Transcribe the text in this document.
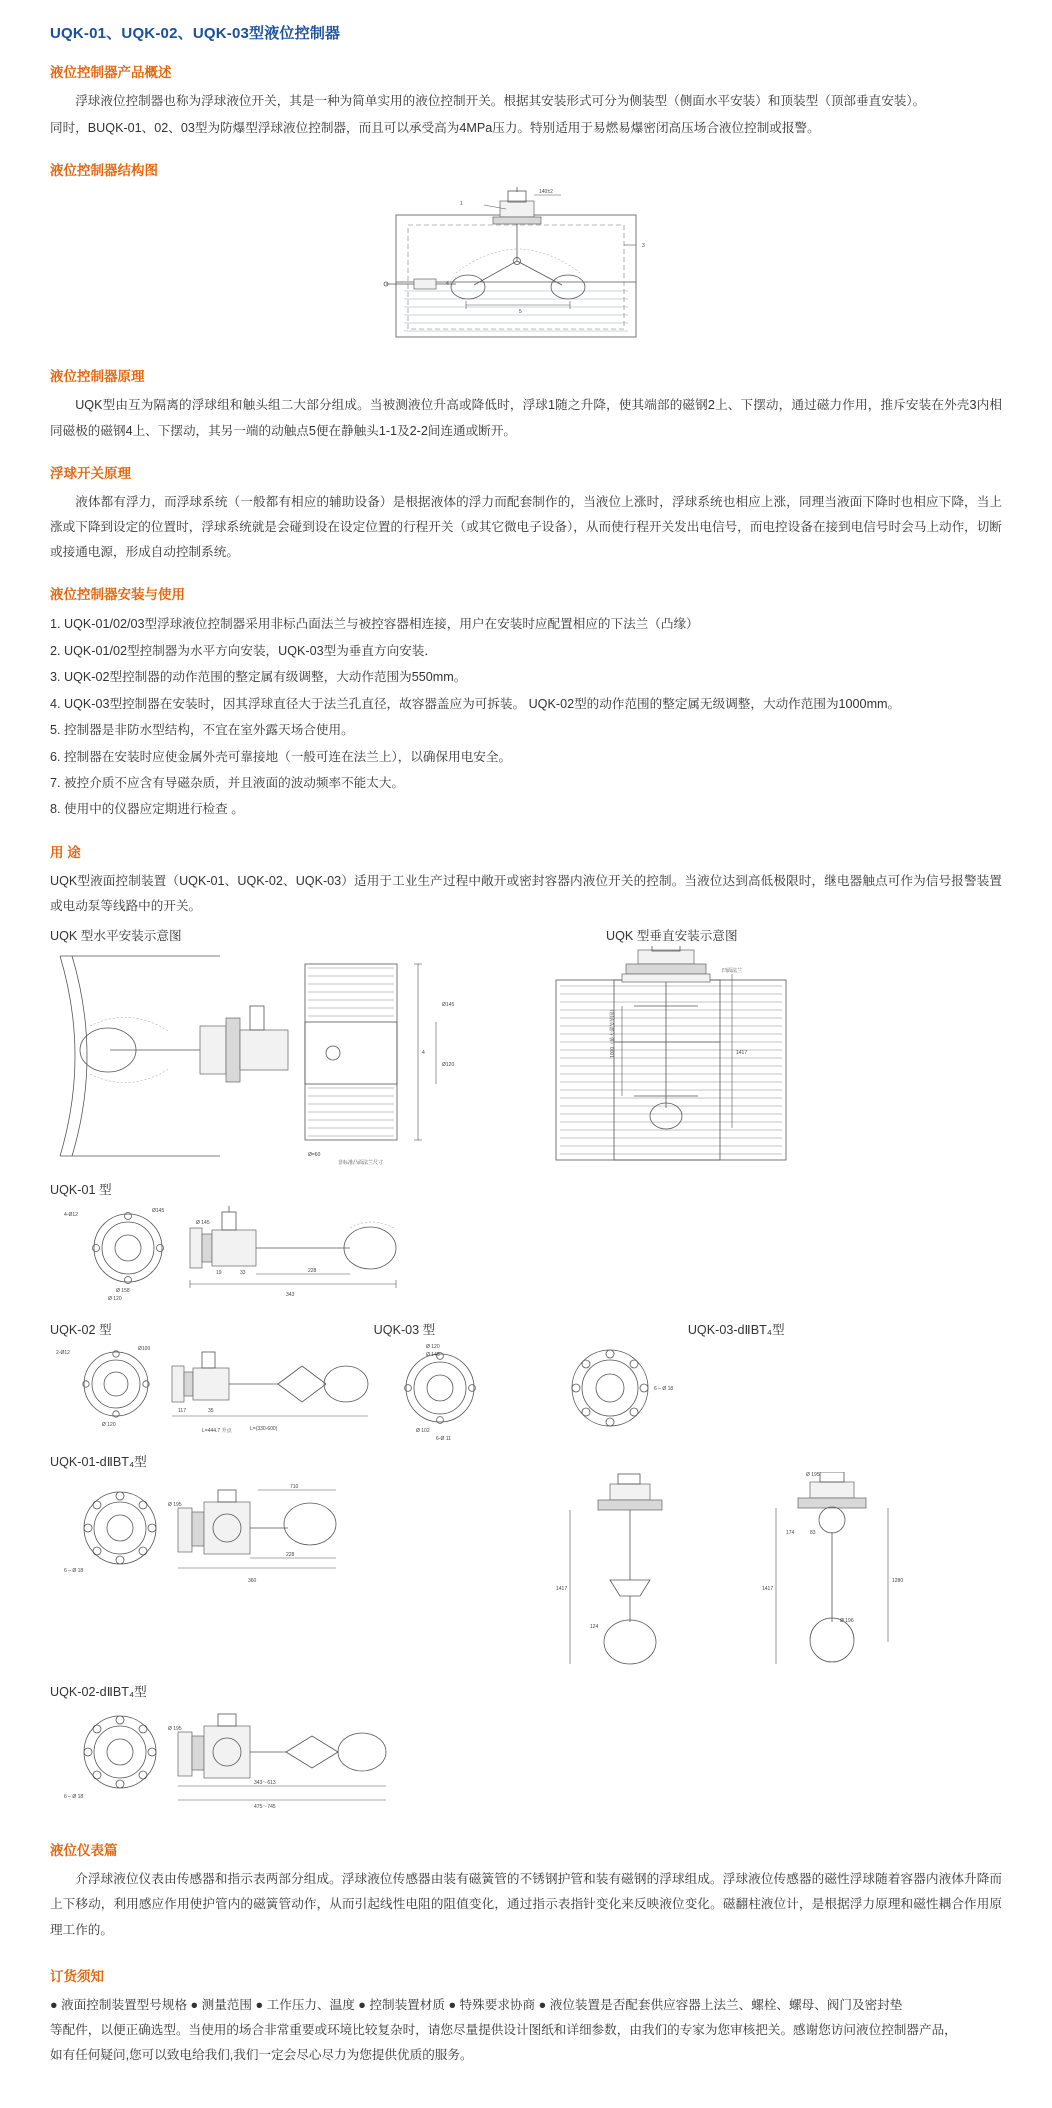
UQK-01、UQK-02、UQK-03型液位控制器
液位控制器产品概述

浮球液位控制器也称为浮球液位开关，其是一种为简单实用的液位控制开关。根据其安装形式可分为侧装型（侧面水平安装）和顶装型（顶部垂直安装）。

同时，BUQK-01、02、03型为防爆型浮球液位控制器，而且可以承受高为4MPa压力。特别适用于易燃易爆密闭高压场合液位控制或报警。

液位控制器结构图
140±2
1
4
3
5
液位控制器原理

UQK型由互为隔离的浮球组和触头组二大部分组成。当被测液位升高或降低时，浮球1随之升降，使其端部的磁钢2上、下摆动，通过磁力作用，推斥安装在外壳3内相同磁极的磁钢4上、下摆动，其另一端的动触点5便在静触头1-1及2-2间连通或断开。

浮球开关原理

液体都有浮力，而浮球系统（一般都有相应的辅助设备）是根据液体的浮力而配套制作的，当液位上涨时，浮球系统也相应上涨，同理当液面下降时也相应下降，当上涨或下降到设定的位置时，浮球系统就是会碰到设在设定位置的行程开关（或其它微电子设备），从而使行程开关发出电信号，而电控设备在接到电信号时会马上动作，切断或接通电源，形成自动控制系统。

液位控制器安装与使用
1. UQK-01/02/03型浮球液位控制器采用非标凸面法兰与被控容器相连接，用户在安装时应配置相应的下法兰（凸缘）
2. UQK-01/02型控制器为水平方向安装，UQK-03型为垂直方向安装．
3. UQK-02型控制器的动作范围的整定属有级调整，大动作范围为550mm。
4. UQK-03型控制器在安装时，因其浮球直径大于法兰孔直径，故容器盖应为可拆装。 UQK-02型的动作范围的整定属无级调整，大动作范围为1000mm。
5. 控制器是非防水型结构，不宜在室外露天场合使用。
6. 控制器在安装时应使金属外壳可靠接地（一般可连在法兰上），以确保用电安全。
7. 被控介质不应含有导磁杂质，并且液面的波动频率不能太大。
8. 使用中的仪器应定期进行检查 。
用 途

UQK型液面控制装置（UQK-01、UQK-02、UQK-03）适用于工业生产过程中敞开或密封容器内液位开关的控制。当液位达到高低极限时，继电器触点可作为信号报警装置或电动泵等线路中的开关。

UQK 型水平安装示意图
4
Ø145
Ø120
Ø=60
非标准凸面法兰尺寸
UQK 型垂直安装示意图
1000（最大调节范围）	1417
凹面法兰
UQK-01 型
4-Ø12
Ø145
Ø 158
Ø 120
343
228
19	33
Ø 145
UQK-02 型	UQK-03 型	UQK-03-dⅡBT₄型
2-Ø12
Ø100
Ø 120
L=(330-600)
L=444.7 升点
117	35
Ø 120
Ø 145
Ø 102
6-Ø 11
6 – Ø 18
UQK-01-dⅡBT₄型
6 – Ø 18
360
228
710
Ø 195
1417
124
1417
1280
Ø 195
174	83
Ø 196
UQK-02-dⅡBT₄型
6 – Ø 18
343～613
475～745
Ø 195
液位仪表篇

介浮球液位仪表由传感器和指示表两部分组成。浮球液位传感器由装有磁簧管的不锈钢护管和装有磁钢的浮球组成。浮球液位传感器的磁性浮球随着容器内液体升降而上下移动，利用感应作用使护管内的磁簧管动作，从而引起线性电阻的阻值变化，通过指示表指针变化来反映液位变化。磁翻柱液位计，是根据浮力原理和磁性耦合作用原理工作的。

订货须知
● 液面控制装置型号规格 ● 测量范围 ● 工作压力、温度 ● 控制装置材质 ● 特殊要求协商 ● 液位装置是否配套供应容器上法兰、螺栓、螺母、阀门及密封垫
等配件，以便正确选型。当使用的场合非常重要或环境比较复杂时，请您尽量提供设计图纸和详细参数，由我们的专家为您审核把关。感谢您访问液位控制器产品，
如有任何疑问,您可以致电给我们,我们一定会尽心尽力为您提供优质的服务。
